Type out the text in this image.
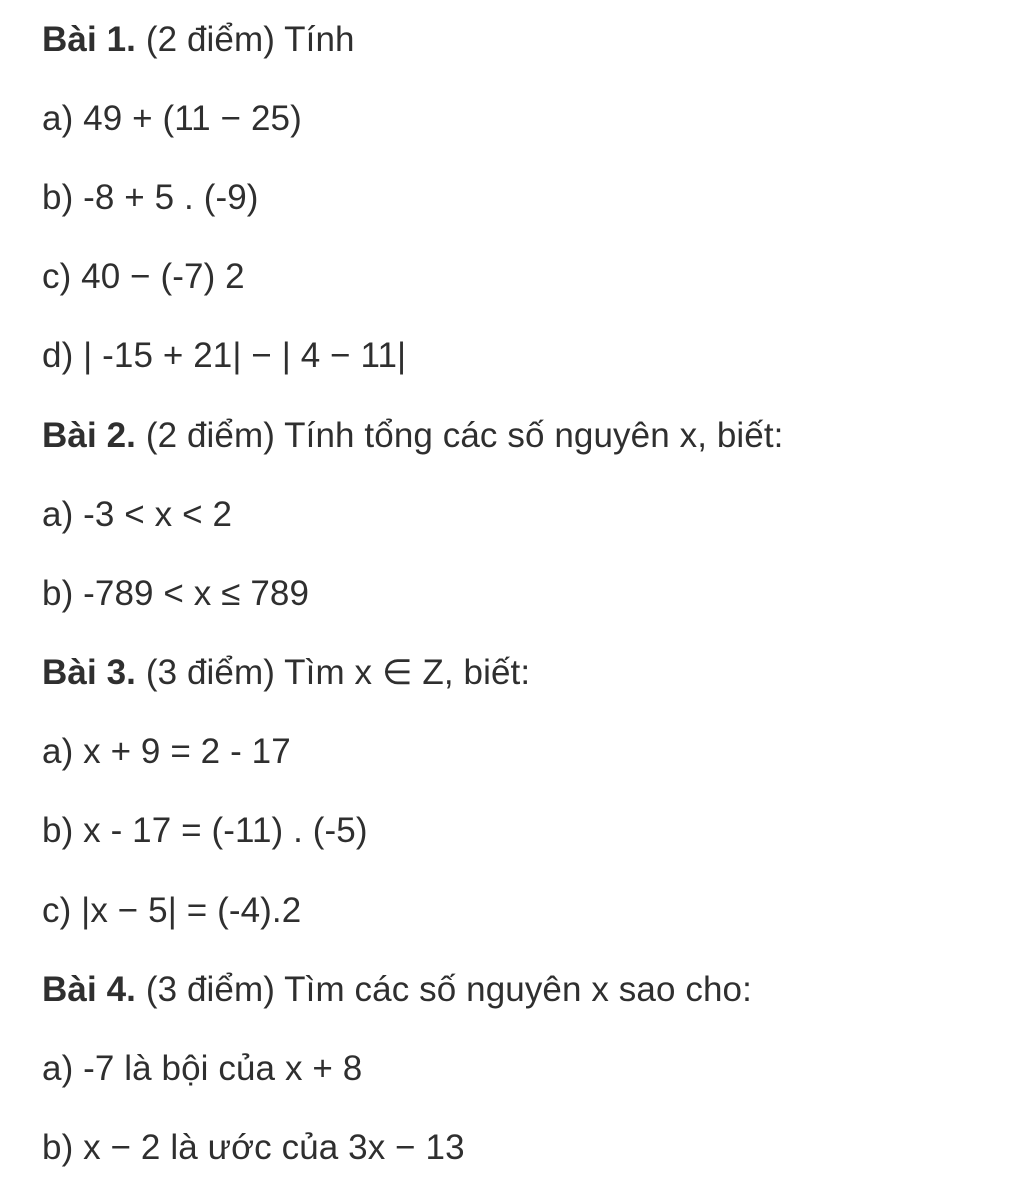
Bài 1. (2 điểm) Tính
a) 49 + (11 − 25)
b) -8 + 5 . (-9)
c) 40 − (-7) 2
d) | -15 + 21| − | 4 − 11|
Bài 2. (2 điểm) Tính tổng các số nguyên x, biết:
a) -3 < x < 2
b) -789 < x ≤ 789
Bài 3. (3 điểm) Tìm x ∈ Z, biết:
a) x + 9 = 2 - 17
b) x - 17 = (-11) . (-5)
c) |x − 5| = (-4).2
Bài 4. (3 điểm) Tìm các số nguyên x sao cho:
a) -7 là bội của x + 8
b) x − 2 là ước của 3x − 13
